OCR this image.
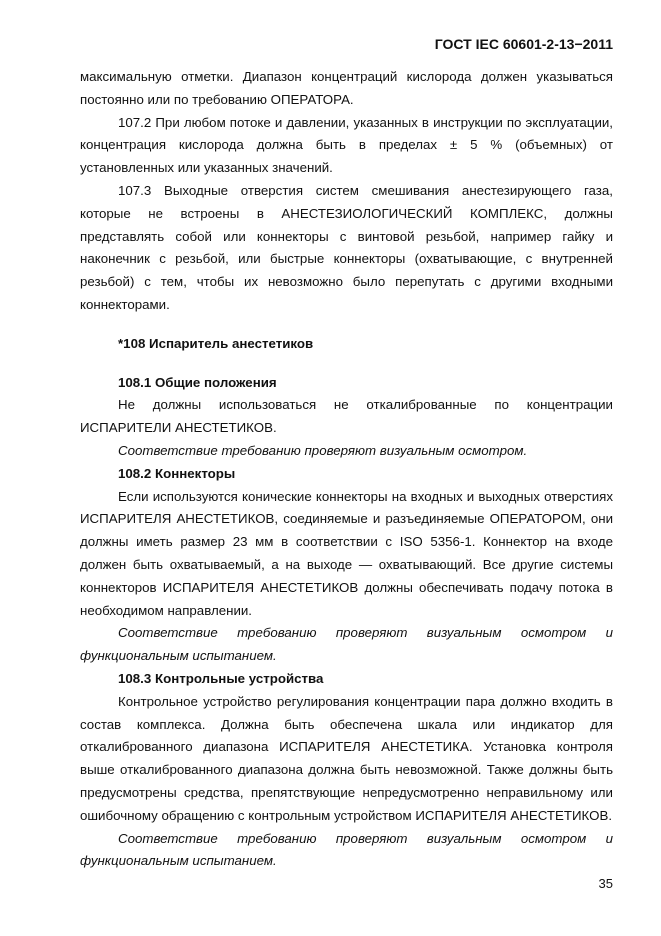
ГОСТ IEC 60601-2-13−2011

максимальную отметки. Диапазон концентраций кислорода должен указываться постоянно или по требованию ОПЕРАТОРА.

107.2 При любом потоке и давлении, указанных в инструкции по эксплуатации, концентрация кислорода должна быть в пределах ± 5 % (объемных) от установленных или указанных значений.

107.3 Выходные отверстия систем смешивания анестезирующего газа, которые не встроены в АНЕСТЕЗИОЛОГИЧЕСКИЙ КОМПЛЕКС, должны представлять собой или коннекторы с винтовой резьбой, например гайку и наконечник с резьбой, или быстрые коннекторы (охватывающие, с внутренней резьбой) с тем, чтобы их невозможно было перепутать с другими входными коннекторами.

*108 Испаритель анестетиков

108.1 Общие положения

Не должны использоваться не откалиброванные по концентрации ИСПАРИТЕЛИ АНЕСТЕТИКОВ.

Соответствие требованию проверяют визуальным осмотром.

108.2 Коннекторы

Если используются конические коннекторы на входных и выходных отверстиях ИСПАРИТЕЛЯ АНЕСТЕТИКОВ, соединяемые и разъединяемые ОПЕРАТОРОМ, они должны иметь размер 23 мм в соответствии с ISO 5356-1. Коннектор на входе должен быть охватываемый, а на выходе — охватывающий. Все другие системы коннекторов ИСПАРИТЕЛЯ АНЕСТЕТИКОВ должны обеспечивать подачу потока в необходимом направлении.

Соответствие требованию проверяют визуальным осмотром и функциональным испытанием.

108.3 Контрольные устройства

Контрольное устройство регулирования концентрации пара должно входить в состав комплекса. Должна быть обеспечена шкала или индикатор для откалиброванного диапазона ИСПАРИТЕЛЯ АНЕСТЕТИКА. Установка контроля выше откалиброванного диапазона должна быть невозможной. Также должны быть предусмотрены средства, препятствующие непредусмотренно неправильному или ошибочному обращению с контрольным устройством ИСПАРИТЕЛЯ АНЕСТЕТИКОВ.

Соответствие требованию проверяют визуальным осмотром и функциональным испытанием.

35
